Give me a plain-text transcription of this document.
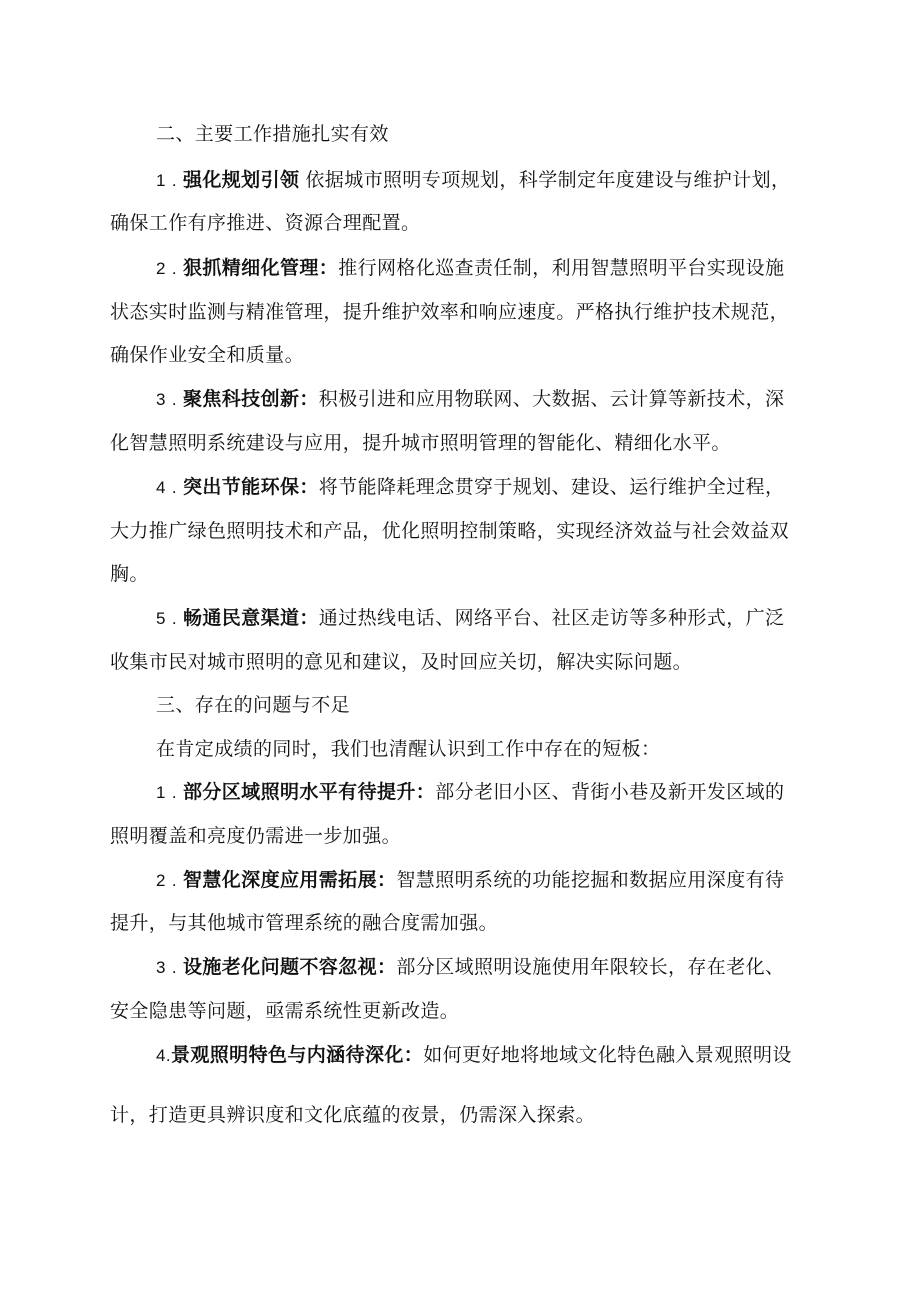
二、主要工作措施扎实有效
1 . 强化规划引领 依据城市照明专项规划，科学制定年度建设与维护计划，
确保工作有序推进、资源合理配置。
2 . 狠抓精细化管理：推行网格化巡查责任制，利用智慧照明平台实现设施
状态实时监测与精准管理，提升维护效率和响应速度。严格执行维护技术规范，
确保作业安全和质量。
3 . 聚焦科技创新：积极引进和应用物联网、大数据、云计算等新技术，深
化智慧照明系统建设与应用，提升城市照明管理的智能化、精细化水平。
4 . 突出节能环保：将节能降耗理念贯穿于规划、建设、运行维护全过程，
大力推广绿色照明技术和产品，优化照明控制策略，实现经济效益与社会效益双
胸。
5 . 畅通民意渠道：通过热线电话、网络平台、社区走访等多种形式，广泛
收集市民对城市照明的意见和建议，及时回应关切，解决实际问题。
三、存在的问题与不足
在肯定成绩的同时，我们也清醒认识到工作中存在的短板：
1 . 部分区域照明水平有待提升：部分老旧小区、背街小巷及新开发区域的
照明覆盖和亮度仍需进一步加强。
2 . 智慧化深度应用需拓展：智慧照明系统的功能挖掘和数据应用深度有待
提升，与其他城市管理系统的融合度需加强。
3 . 设施老化问题不容忽视：部分区域照明设施使用年限较长，存在老化、
安全隐患等问题，亟需系统性更新改造。
4.景观照明特色与内涵待深化：如何更好地将地域文化特色融入景观照明设
计，打造更具辨识度和文化底蕴的夜景，仍需深入探索。
